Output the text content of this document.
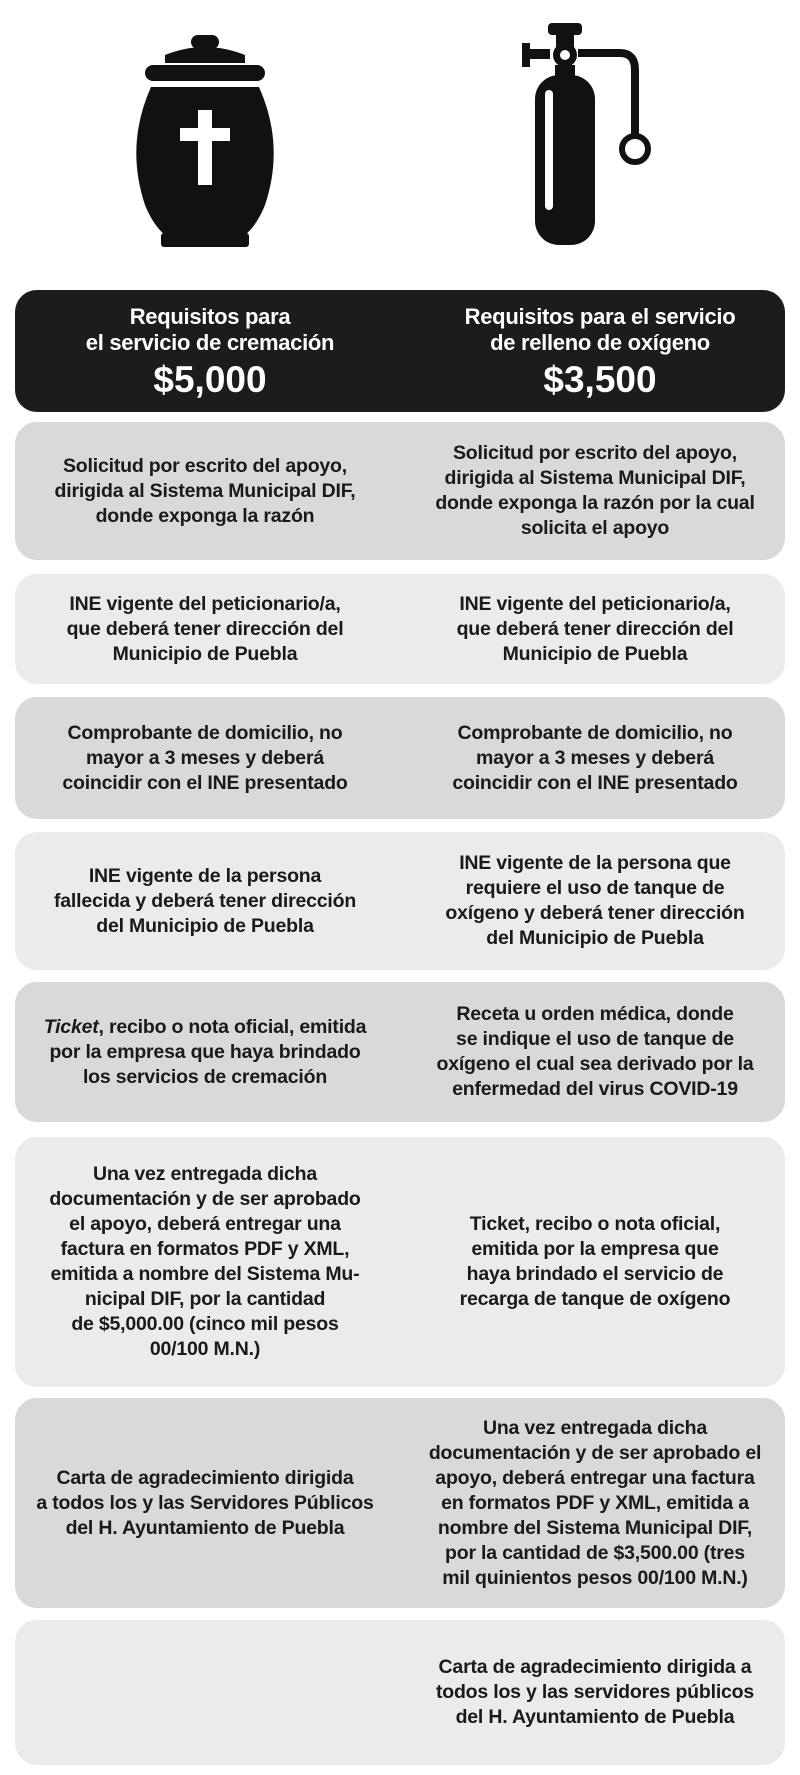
Requisitos para
el servicio de cremación
$5,000
Requisitos para el servicio
de relleno de oxígeno
$3,500
Solicitud por escrito del apoyo,
dirigida al Sistema Municipal DIF,
donde exponga la razón
Solicitud por escrito del apoyo,
dirigida al Sistema Municipal DIF,
donde exponga la razón por la cual
solicita el apoyo
INE vigente del peticionario/a,
que deberá tener dirección del
Municipio de Puebla
INE vigente del peticionario/a,
que deberá tener dirección del
Municipio de Puebla
Comprobante de domicilio, no
mayor a 3 meses y deberá
coincidir con el INE presentado
Comprobante de domicilio, no
mayor a 3 meses y deberá
coincidir con el INE presentado
INE vigente de la persona
fallecida y deberá tener dirección
del Municipio de Puebla
INE vigente de la persona que
requiere el uso de tanque de
oxígeno y deberá tener dirección
del Municipio de Puebla
Ticket, recibo o nota oficial, emitida
por la empresa que haya brindado
los servicios de cremación
Receta u orden médica, donde
se indique el uso de tanque de
oxígeno el cual sea derivado por la
enfermedad del virus COVID-19
Una vez entregada dicha
documentación y de ser aprobado
el apoyo, deberá entregar una
factura en formatos PDF y XML,
emitida a nombre del Sistema Mu-
nicipal DIF, por la cantidad
de $5,000.00 (cinco mil pesos
00/100 M.N.)
Ticket, recibo o nota oficial,
emitida por la empresa que
haya brindado el servicio de
recarga de tanque de oxígeno
Carta de agradecimiento dirigida
a todos los y las Servidores Públicos
del H. Ayuntamiento de Puebla
Una vez entregada dicha
documentación y de ser aprobado el
apoyo, deberá entregar una factura
en formatos PDF y XML, emitida a
nombre del Sistema Municipal DIF,
por la cantidad de $3,500.00 (tres
mil quinientos pesos 00/100 M.N.)
Carta de agradecimiento dirigida a
todos los y las servidores públicos
del H. Ayuntamiento de Puebla
